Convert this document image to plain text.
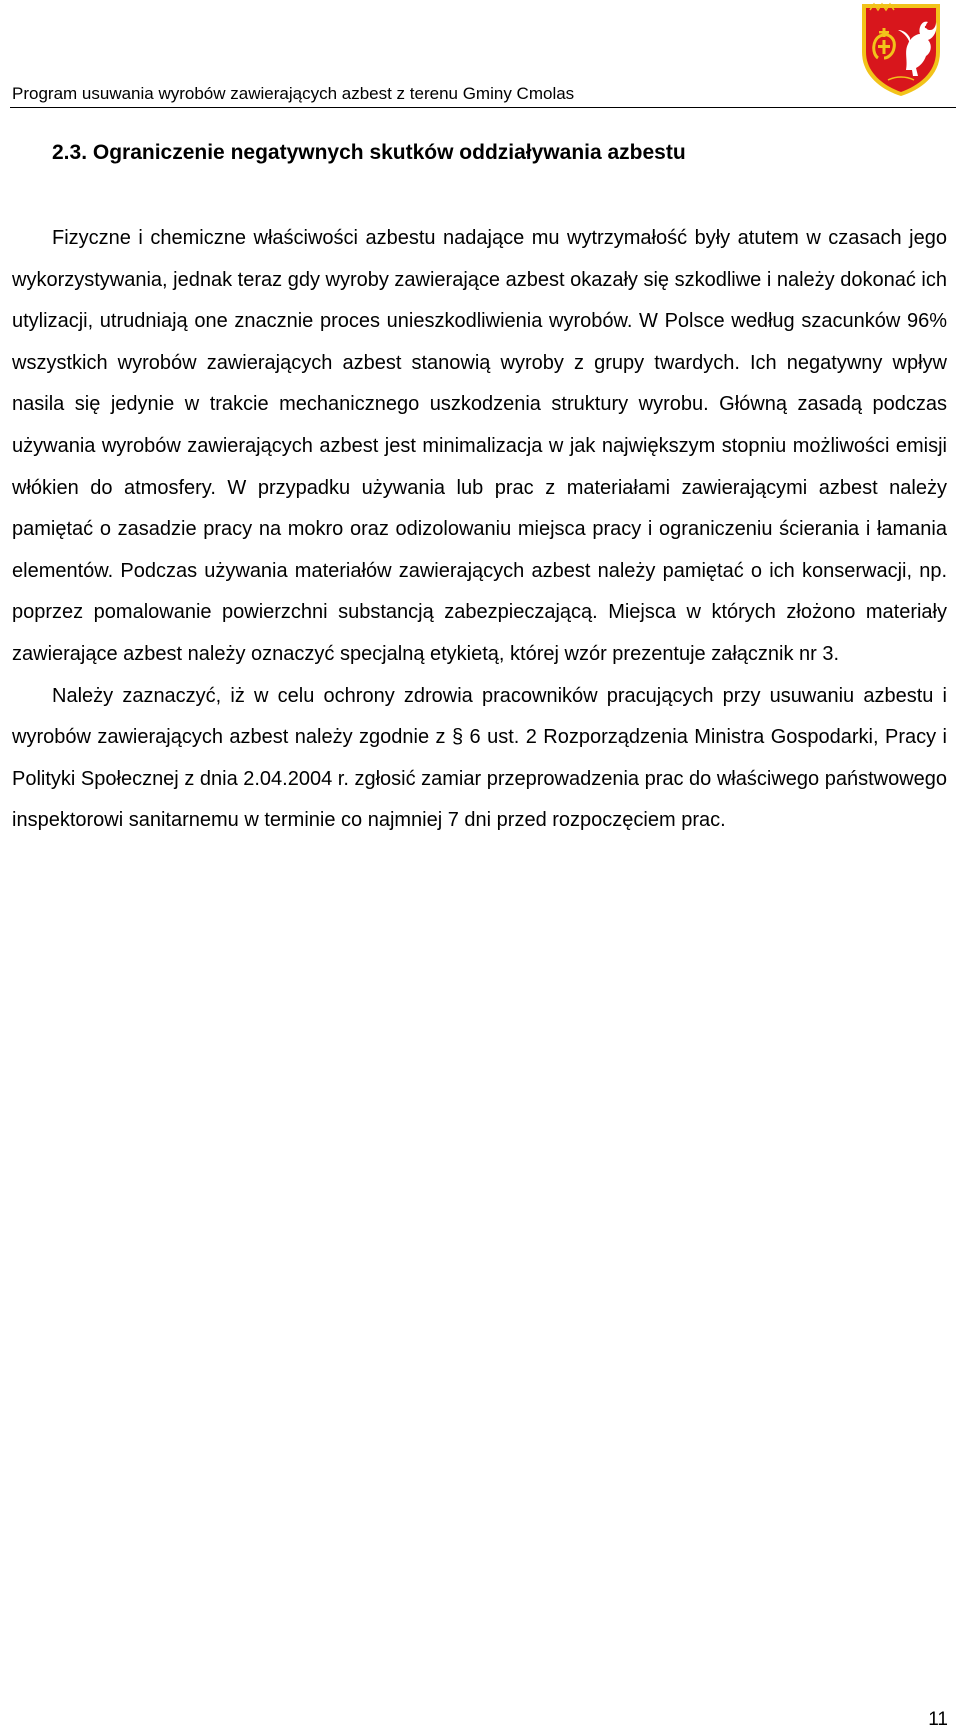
Program usuwania wyrobów zawierających azbest z terenu Gminy Cmolas
2.3. Ograniczenie negatywnych skutków oddziaływania azbestu

Fizyczne i chemiczne właściwości azbestu nadające mu wytrzymałość były atutem w czasach jego wykorzystywania, jednak teraz gdy wyroby zawierające azbest okazały się szkodliwe i należy dokonać ich utylizacji, utrudniają one znacznie proces unieszkodliwienia wyrobów. W Polsce według szacunków 96% wszystkich wyrobów zawierających azbest stanowią wyroby z grupy twardych. Ich negatywny wpływ nasila się jedynie w trakcie mechanicznego uszkodzenia struktury wyrobu. Główną zasadą podczas używania wyrobów zawierających azbest jest minimalizacja w jak największym stopniu możliwości emisji włókien do atmosfery. W przypadku używania lub prac z materiałami zawierającymi azbest należy pamiętać o zasadzie pracy na mokro oraz odizolowaniu miejsca pracy i ograniczeniu ścierania i łamania elementów. Podczas używania materiałów zawierających azbest należy pamiętać o ich konserwacji, np. poprzez pomalowanie powierzchni substancją zabezpieczającą. Miejsca w których złożono materiały zawierające azbest należy oznaczyć specjalną etykietą, której wzór prezentuje załącznik nr 3.

Należy zaznaczyć, iż w celu ochrony zdrowia pracowników pracujących przy usuwaniu azbestu i wyrobów zawierających azbest należy zgodnie z § 6 ust. 2 Rozporządzenia Ministra Gospodarki, Pracy i Polityki Społecznej z dnia 2.04.2004 r. zgłosić zamiar przeprowadzenia prac do właściwego państwowego inspektorowi sanitarnemu w terminie co najmniej 7 dni przed rozpoczęciem prac.

11
